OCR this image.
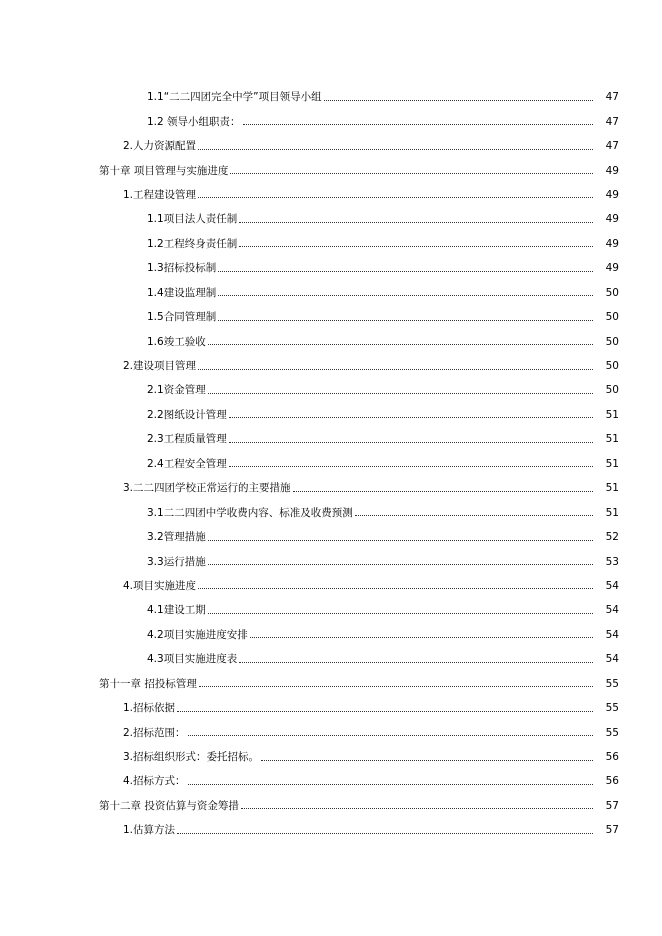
1.1“二二四团完全中学”项目领导小组	47
1.2 领导小组职责：	47
2.人力资源配置	47
第十章 项目管理与实施进度	49
1.工程建设管理	49
1.1项目法人责任制	49
1.2工程终身责任制	49
1.3招标投标制	49
1.4建设监理制	50
1.5合同管理制	50
1.6竣工验收	50
2.建设项目管理	50
2.1资金管理	50
2.2图纸设计管理	51
2.3工程质量管理	51
2.4工程安全管理	51
3.二二四团学校正常运行的主要措施	51
3.1二二四团中学收费内容、标准及收费预测	51
3.2管理措施	52
3.3运行措施	53
4.项目实施进度	54
4.1建设工期	54
4.2项目实施进度安排	54
4.3项目实施进度表	54
第十一章 招投标管理	55
1.招标依据	55
2.招标范围：	55
3.招标组织形式：委托招标。	56
4.招标方式：	56
第十二章 投资估算与资金筹措	57
1.估算方法	57
